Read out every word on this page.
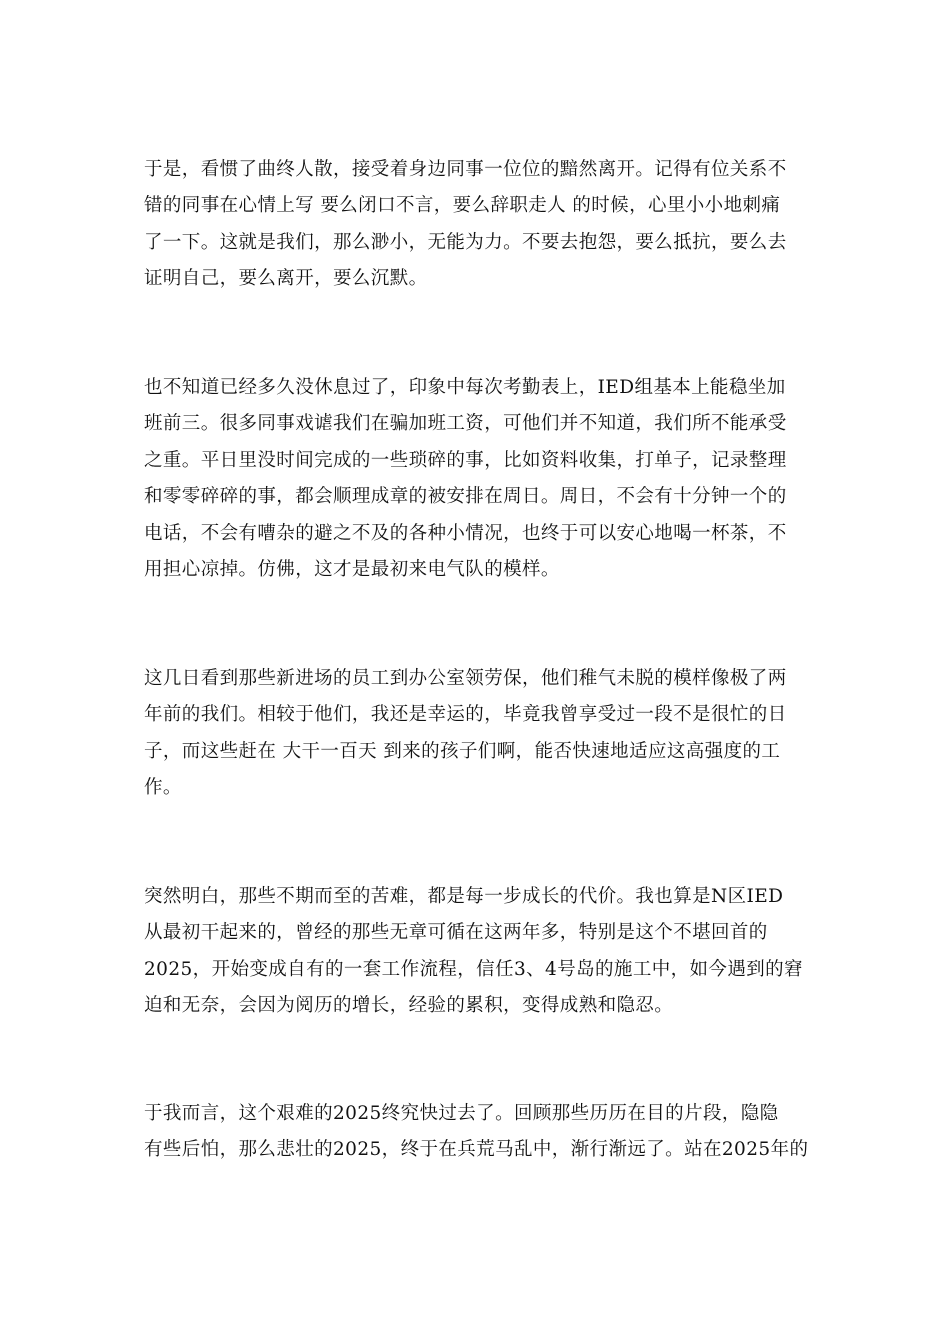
于是，看惯了曲终人散，接受着身边同事一位位的黯然离开。记得有位关系不
错的同事在心情上写 要么闭口不言，要么辞职走人 的时候，心里小小地刺痛
了一下。这就是我们，那么渺小，无能为力。不要去抱怨，要么抵抗，要么去
证明自己，要么离开，要么沉默。
也不知道已经多久没休息过了，印象中每次考勤表上，IED组基本上能稳坐加
班前三。很多同事戏谑我们在骗加班工资，可他们并不知道，我们所不能承受
之重。平日里没时间完成的一些琐碎的事，比如资料收集，打单子，记录整理
和零零碎碎的事，都会顺理成章的被安排在周日。周日，不会有十分钟一个的
电话，不会有嘈杂的避之不及的各种小情况，也终于可以安心地喝一杯茶，不
用担心凉掉。仿佛，这才是最初来电气队的模样。
这几日看到那些新进场的员工到办公室领劳保，他们稚气未脱的模样像极了两
年前的我们。相较于他们，我还是幸运的，毕竟我曾享受过一段不是很忙的日
子，而这些赶在 大干一百天 到来的孩子们啊，能否快速地适应这高强度的工
作。
突然明白，那些不期而至的苦难，都是每一步成长的代价。我也算是N区IED
从最初干起来的，曾经的那些无章可循在这两年多，特别是这个不堪回首的
2025，开始变成自有的一套工作流程，信任3、4号岛的施工中，如今遇到的窘
迫和无奈，会因为阅历的增长，经验的累积，变得成熟和隐忍。
于我而言，这个艰难的2025终究快过去了。回顾那些历历在目的片段，隐隐
有些后怕，那么悲壮的2025，终于在兵荒马乱中，渐行渐远了。站在2025年的
